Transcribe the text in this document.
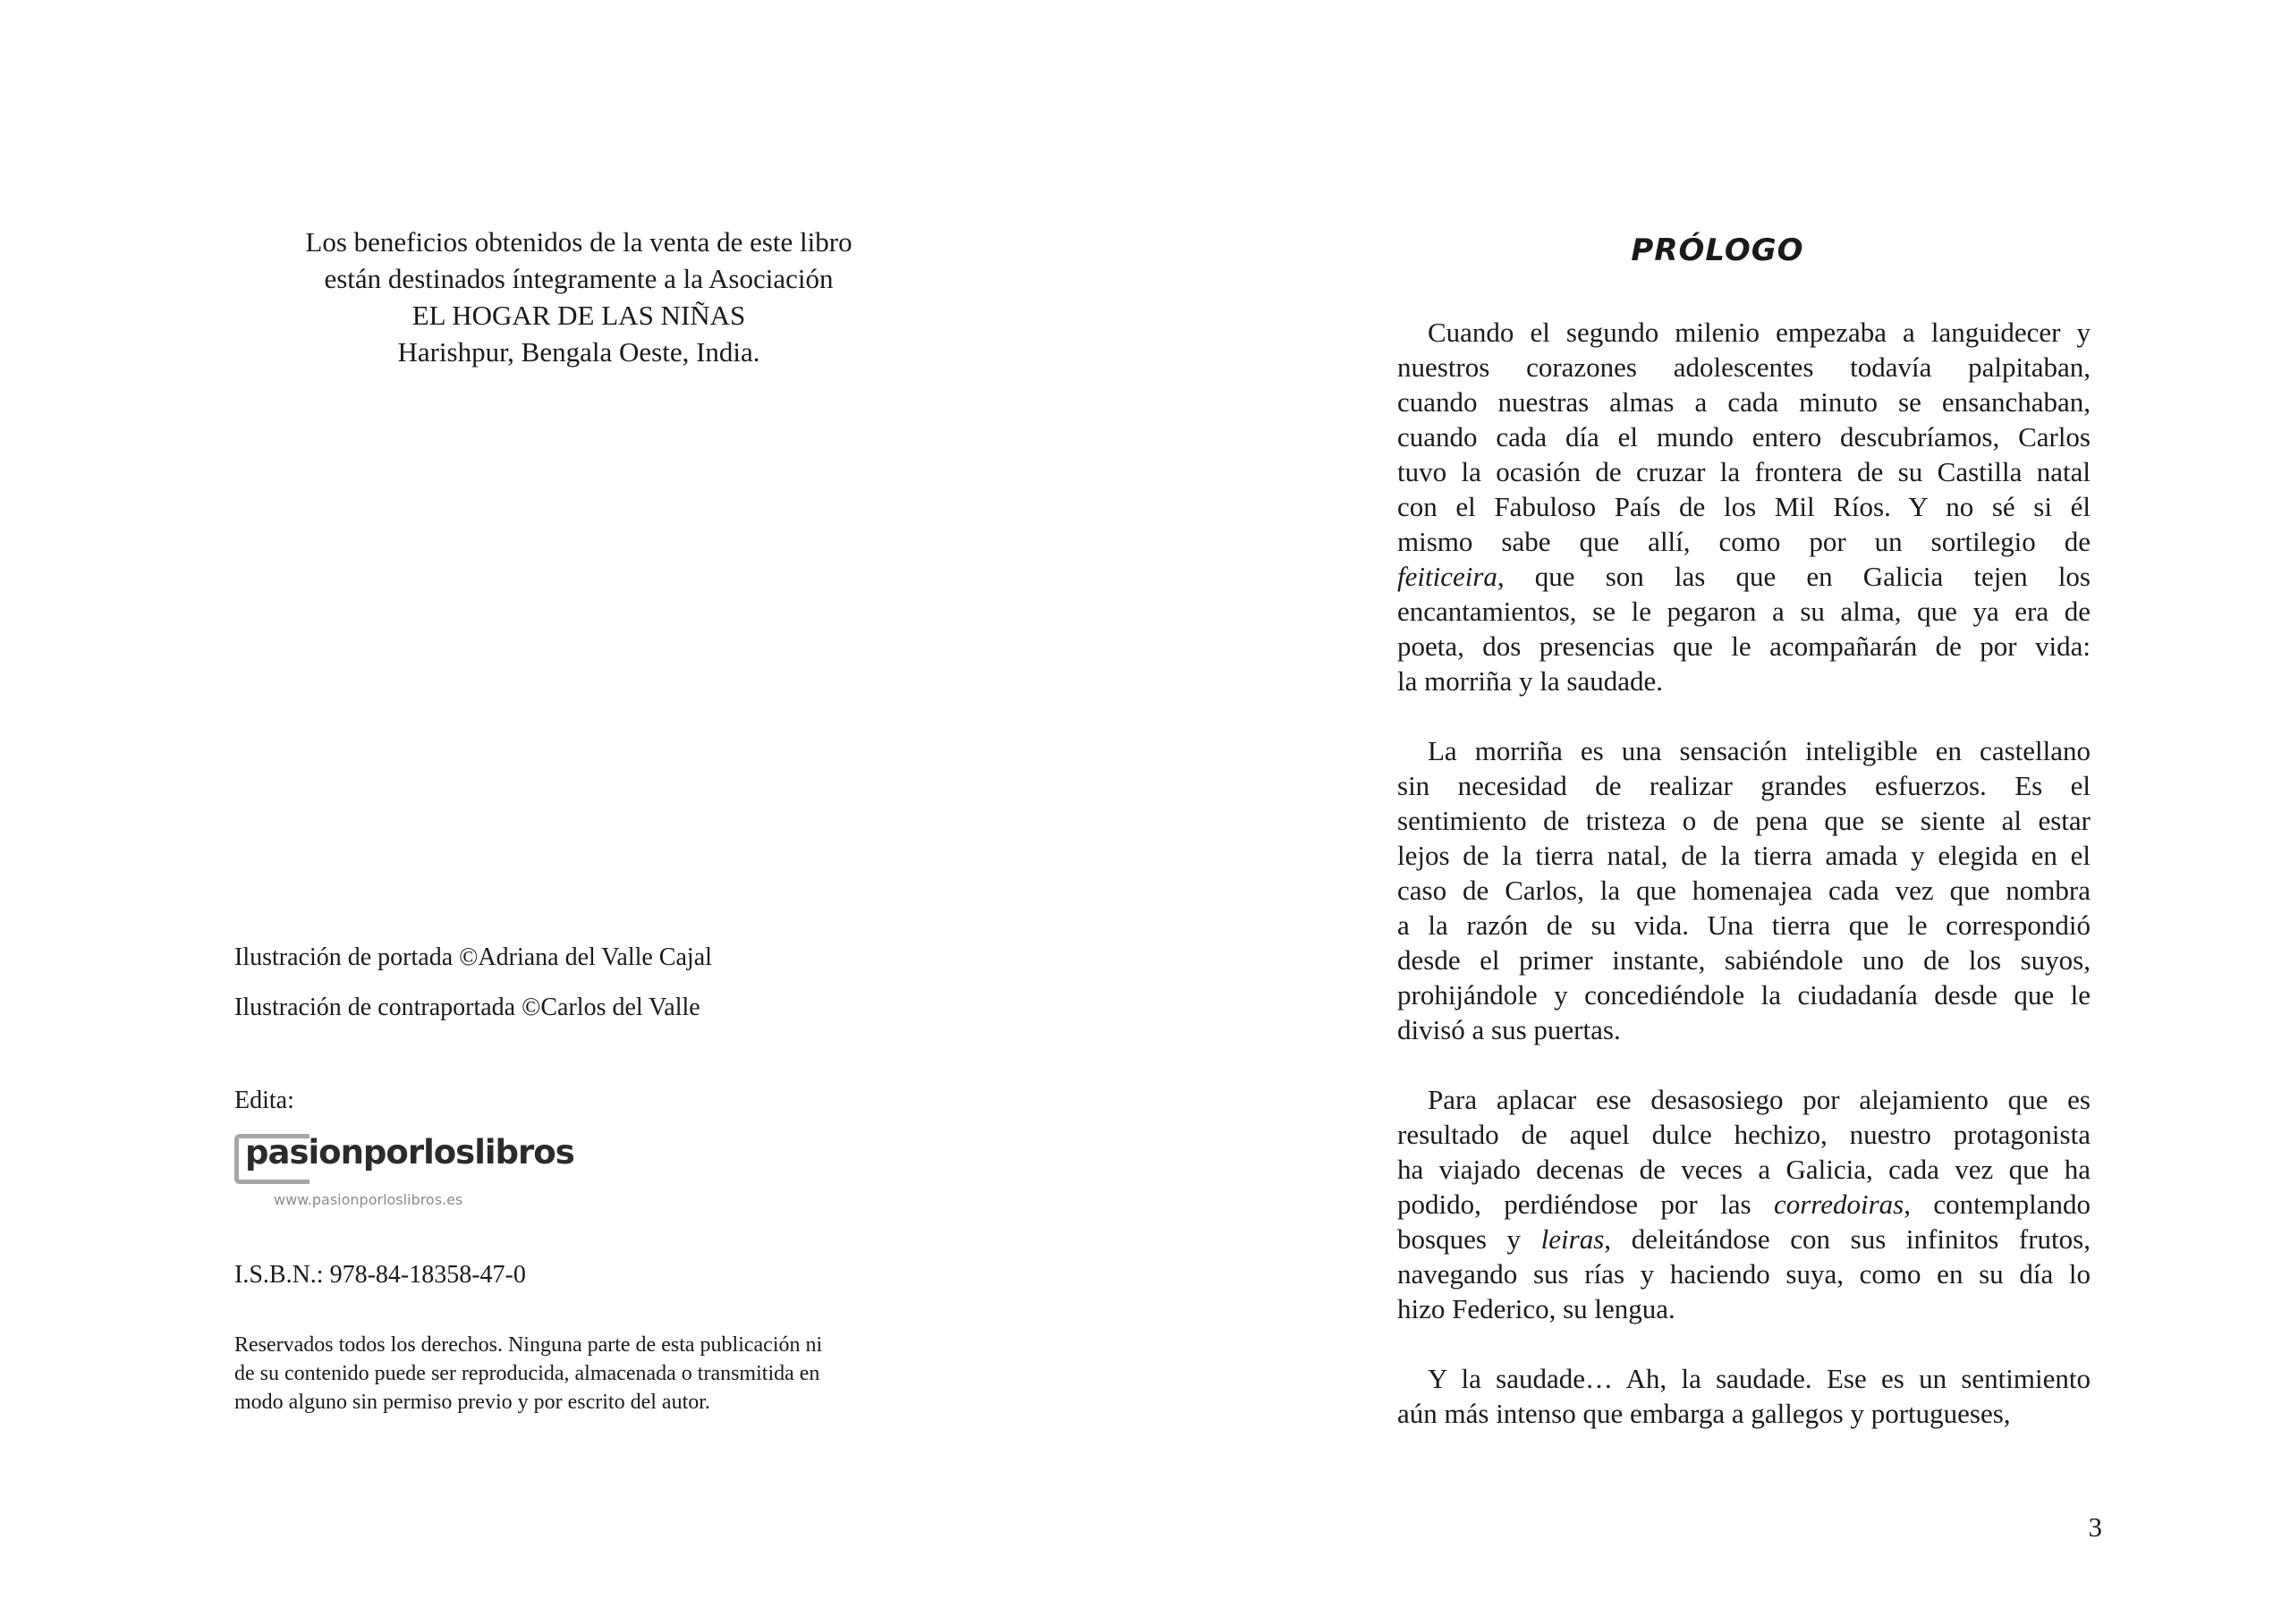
Los beneficios obtenidos de la venta de este libro
están destinados íntegramente a la Asociación
EL HOGAR DE LAS NIÑAS
Harishpur, Bengala Oeste, India.
Ilustración de portada ©Adriana del Valle Cajal
Ilustración de contraportada ©Carlos del Valle
Edita:
pasionporloslibros
www.pasionporloslibros.es
I.S.B.N.: 978-84-18358-47-0
Reservados todos los derechos. Ninguna parte de esta publicación ni
de su contenido puede ser reproducida, almacenada o transmitida en
modo alguno sin permiso previo y por escrito del autor.
PRÓLOGO
Cuando el segundo milenio empezaba a languidecer y
nuestros corazones adolescentes todavía palpitaban,
cuando nuestras almas a cada minuto se ensanchaban,
cuando cada día el mundo entero descubríamos, Carlos
tuvo la ocasión de cruzar la frontera de su Castilla natal
con el Fabuloso País de los Mil Ríos. Y no sé si él
mismo sabe que allí, como por un sortilegio de
feiticeira, que son las que en Galicia tejen los
encantamientos, se le pegaron a su alma, que ya era de
poeta, dos presencias que le acompañarán de por vida:
la morriña y la saudade.
La morriña es una sensación inteligible en castellano
sin necesidad de realizar grandes esfuerzos. Es el
sentimiento de tristeza o de pena que se siente al estar
lejos de la tierra natal, de la tierra amada y elegida en el
caso de Carlos, la que homenajea cada vez que nombra
a la razón de su vida. Una tierra que le correspondió
desde el primer instante, sabiéndole uno de los suyos,
prohijándole y concediéndole la ciudadanía desde que le
divisó a sus puertas.
Para aplacar ese desasosiego por alejamiento que es
resultado de aquel dulce hechizo, nuestro protagonista
ha viajado decenas de veces a Galicia, cada vez que ha
podido, perdiéndose por las corredoiras, contemplando
bosques y leiras, deleitándose con sus infinitos frutos,
navegando sus rías y haciendo suya, como en su día lo
hizo Federico, su lengua.
Y la saudade… Ah, la saudade. Ese es un sentimiento
aún más intenso que embarga a gallegos y portugueses,
3
